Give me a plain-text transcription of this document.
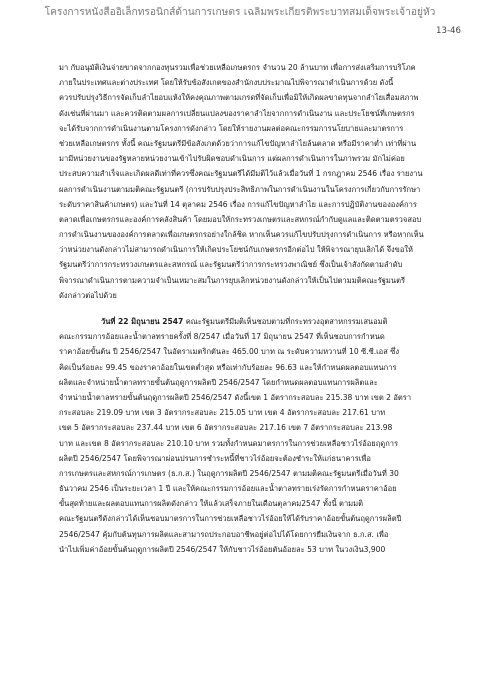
โครงการหนังสืออิเล็กทรอนิกส์ด้านการเกษตร เฉลิมพระเกียรติพระบาทสมเด็จพระเจ้าอยู่หัว
13-46
มา กับอนุมัติเงินจ่ายขาดจากกองทุนรวมเพื่อช่วยเหลือเกษตรกร จำนวน 20 ล้านบาท เพื่อการส่งเสริมการบริโภค
ภายในประเทศและต่างประเทศ โดยให้รับข้อสังเกตของสำนักงบประมาณไปพิจารณาดำเนินการด้วย ดังนี้
ควรปรับปรุงวิธีการจัดเก็บลำไยอบแห้งให้คงคุณภาพตามเกรดที่จัดเก็บเพื่อมิให้เกิดผลขาดทุนจากลำไยเสื่อมสภาพ
ดังเช่นที่ผ่านมา และควรติดตามผลการเปลี่ยนแปลงของราคาลำไยจากการดำเนินงาน และประโยชน์ที่เกษตรกร
จะได้รับจากการดำเนินงานตามโครงการดังกล่าว โดยให้รายงานผลต่อคณะกรรมการนโยบายและมาตรการ
ช่วยเหลือเกษตรกร ทั้งนี้ คณะรัฐมนตรีมีข้อสังเกตด้วยว่าการแก้ไขปัญหาลำไยล้นตลาด หรือมีราคาต่ำ เท่าที่ผ่าน
มามีหน่วยงานของรัฐหลายหน่วยงานเข้าไปรับผิดชอบดำเนินการ แต่ผลการดำเนินการในภาพรวม มักไม่ค่อย
ประสบความสำเร็จและเกิดผลดีเท่าที่ควรซึ่งคณะรัฐมนตรีได้มีมติไว้แล้วเมื่อวันที่ 1 กรกฎาคม 2546 เรื่อง รายงาน
ผลการดำเนินงานตามมติคณะรัฐมนตรี (การปรับปรุงประสิทธิภาพในการดำเนินงานในโครงการเกี่ยวกับการรักษา
ระดับราคาสินค้าเกษตร) และวันที่ 14 ตุลาคม 2546 เรื่อง การแก้ไขปัญหาลำไย และการปฏิบัติงานขององค์การ
ตลาดเพื่อเกษตรกรและองค์การคลังสินค้า โดยมอบให้กระทรวงเกษตรและสหกรณ์กำกับดูแลและติดตามตรวจสอบ
การดำเนินงานขององค์การตลาดเพื่อเกษตรกรอย่างใกล้ชิด หากเห็นควรแก้ไขปรับปรุงการดำเนินการ หรือหากเห็น
ว่าหน่วยงานดังกล่าวไม่สามารถดำเนินการให้เกิดประโยชน์กับเกษตรกรอีกต่อไป ให้พิจารณายุบเลิกได้ จึงขอให้
รัฐมนตรีว่าการกระทรวงเกษตรและสหกรณ์ และรัฐมนตรีว่าการกระทรวงพาณิชย์ ซึ่งเป็นเจ้าสังกัดตามลำดับ
พิจารณาดำเนินการตามความจำเป็นเหมาะสมในการยุบเลิกหน่วยงานดังกล่าวให้เป็นไปตามมติคณะรัฐมนตรี
ดังกล่าวต่อไปด้วย
วันที่ 22 มิถุนายน 2547 คณะรัฐมนตรีมีมติเห็นชอบตามที่กระทรวงอุตสาหกรรมเสนอมติ
คณะกรรมการอ้อยและน้ำตาลทรายครั้งที่ 8/2547 เมื่อวันที่ 17 มิถุนายน 2547 ที่เห็นชอบการกำหนด
ราคาอ้อยขั้นต้น ปี 2546/2547 ในอัตราเมตริกตันละ 465.00 บาท ณ ระดับความหวานที่ 10 ซี.ซี.เอส ซึ่ง
คิดเป็นร้อยละ 99.45 ของราคาอ้อยในเขตต่ำสุด หรือเท่ากับร้อยละ 96.63 และให้กำหนดผลตอบแทนการ
ผลิตและจำหน่ายน้ำตาลทรายขั้นต้นฤดูการผลิตปี 2546/2547 โดยกำหนดผลตอบแทนการผลิตและ
จำหน่ายน้ำตาลทรายขั้นต้นฤดูการผลิตปี 2546/2547 ดังนี้เขต 1 อัตรากระสอบละ 215.38 บาท เขต 2 อัตรา
กระสอบละ 219.09 บาท เขต 3 อัตรากระสอบละ 215.05 บาท เขต 4 อัตรากระสอบละ 217.61 บาท
เขต 5 อัตรากระสอบละ 237.44 บาท เขต 6 อัตรากระสอบละ 217.16 เขต 7 อัตรากระสอบละ 213.98
บาท และเขต 8 อัตรากระสอบละ 210.10 บาท รวมทั้งกำหนดมาตรการในการช่วยเหลือชาวไร่อ้อยฤดูการ
ผลิตปี 2546/2547 โดยพิจารณาผ่อนปรนการชำระหนี้ที่ชาวไร่อ้อยจะต้องชำระให้แก่ธนาคารเพื่อ
การเกษตรและสหกรณ์การเกษตร (ธ.ก.ส.) ในฤดูการผลิตปี 2546/2547 ตามมติคณะรัฐมนตรีเมื่อวันที่ 30
ธันวาคม 2546 เป็นระยะเวลา 1 ปี และให้คณะกรรมการอ้อยและน้ำตาลทรายเร่งรัดการกำหนดราคาอ้อย
ขั้นสุดท้ายและผลตอบแทนการผลิตดังกล่าว ให้แล้วเสร็จภายในเดือนตุลาคม2547 ทั้งนี้ ตามมติ
คณะรัฐมนตรีดังกล่าวได้เห็นชอบมาตรการในการช่วยเหลือชาวไร่อ้อยให้ได้รับราคาอ้อยขั้นต้นฤดูการผลิตปี
2546/2547 คุ้มกับต้นทุนการผลิตและสามารถประกอบอาชีพอยู่ต่อไปได้โดยการยืมเงินจาก ธ.ก.ส. เพื่อ
นำไปเพิ่มค่าอ้อยขั้นต้นฤดูการผลิตปี 2546/2547 ให้กับชาวไร่อ้อยตันอ้อยละ 53 บาท ในวงเงิน3,900
